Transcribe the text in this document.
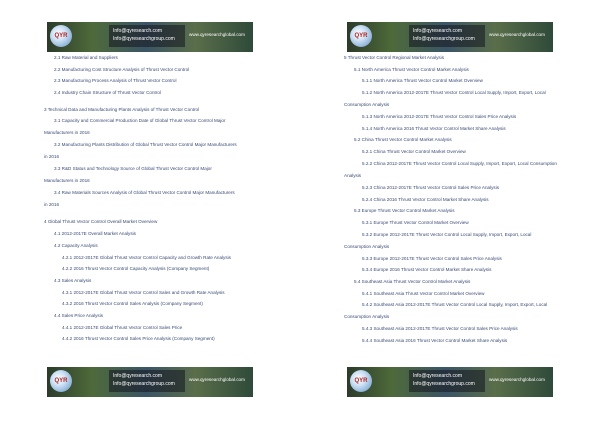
QYR
Info@qyresearch.com
Info@qyresearchgroup.com
www.qyresearchglobal.com
2.1 Raw Material and Suppliers
2.2 Manufacturing Cost Structure Analysis of Thrust Vector Control
2.3 Manufacturing Process Analysis of Thrust Vector Control
2.4 Industry Chain Structure of Thrust Vector Control
3 Technical Data and Manufacturing Plants Analysis of Thrust Vector Control
3.1 Capacity and Commercial Production Date of Global Thrust Vector Control Major
Manufacturers in 2016
3.2 Manufacturing Plants Distribution of Global Thrust Vector Control Major Manufacturers
in 2016
3.3 R&D Status and Technology Source of Global Thrust Vector Control Major
Manufacturers in 2016
3.4 Raw Materials Sources Analysis of Global Thrust Vector Control Major Manufacturers
in 2016
4 Global Thrust Vector Control Overall Market Overview
4.1 2012-2017E Overall Market Analysis
4.2 Capacity Analysis
4.2.1 2012-2017E Global Thrust Vector Control Capacity and Growth Rate Analysis
4.2.2 2016 Thrust Vector Control Capacity Analysis (Company Segment)
4.3 Sales Analysis
4.3.1 2012-2017E Global Thrust Vector Control Sales and Growth Rate Analysis
4.3.2 2016 Thrust Vector Control Sales Analysis (Company Segment)
4.4 Sales Price Analysis
4.4.1 2012-2017E Global Thrust Vector Control Sales Price
4.4.2 2016 Thrust Vector Control Sales Price Analysis (Company Segment)
QYR
Info@qyresearch.com
Info@qyresearchgroup.com
www.qyresearchglobal.com
QYR
Info@qyresearch.com
Info@qyresearchgroup.com
www.qyresearchglobal.com
5 Thrust Vector Control Regional Market Analysis
5.1 North America Thrust Vector Control Market Analysis
5.1.1 North America Thrust Vector Control Market Overview
5.1.2 North America 2012-2017E Thrust Vector Control Local Supply, Import, Export, Local
Consumption Analysis
5.1.3 North America 2012-2017E Thrust Vector Control Sales Price Analysis
5.1.4 North America 2016 Thrust Vector Control Market Share Analysis
5.2 China Thrust Vector Control Market Analysis
5.2.1 China Thrust Vector Control Market Overview
5.2.2 China 2012-2017E Thrust Vector Control Local Supply, Import, Export, Local Consumption
Analysis
5.2.3 China 2012-2017E Thrust Vector Control Sales Price Analysis
5.2.4 China 2016 Thrust Vector Control Market Share Analysis
5.3 Europe Thrust Vector Control Market Analysis
5.3.1 Europe Thrust Vector Control Market Overview
5.3.2 Europe 2012-2017E Thrust Vector Control Local Supply, Import, Export, Local
Consumption Analysis
5.3.3 Europe 2012-2017E Thrust Vector Control Sales Price Analysis
5.3.4 Europe 2016 Thrust Vector Control Market Share Analysis
5.4 Southeast Asia Thrust Vector Control Market Analysis
5.4.1 Southeast Asia Thrust Vector Control Market Overview
5.4.2 Southeast Asia 2012-2017E Thrust Vector Control Local Supply, Import, Export, Local
Consumption Analysis
5.4.3 Southeast Asia 2012-2017E Thrust Vector Control Sales Price Analysis
5.4.4 Southeast Asia 2016 Thrust Vector Control Market Share Analysis
QYR
Info@qyresearch.com
Info@qyresearchgroup.com
www.qyresearchglobal.com
